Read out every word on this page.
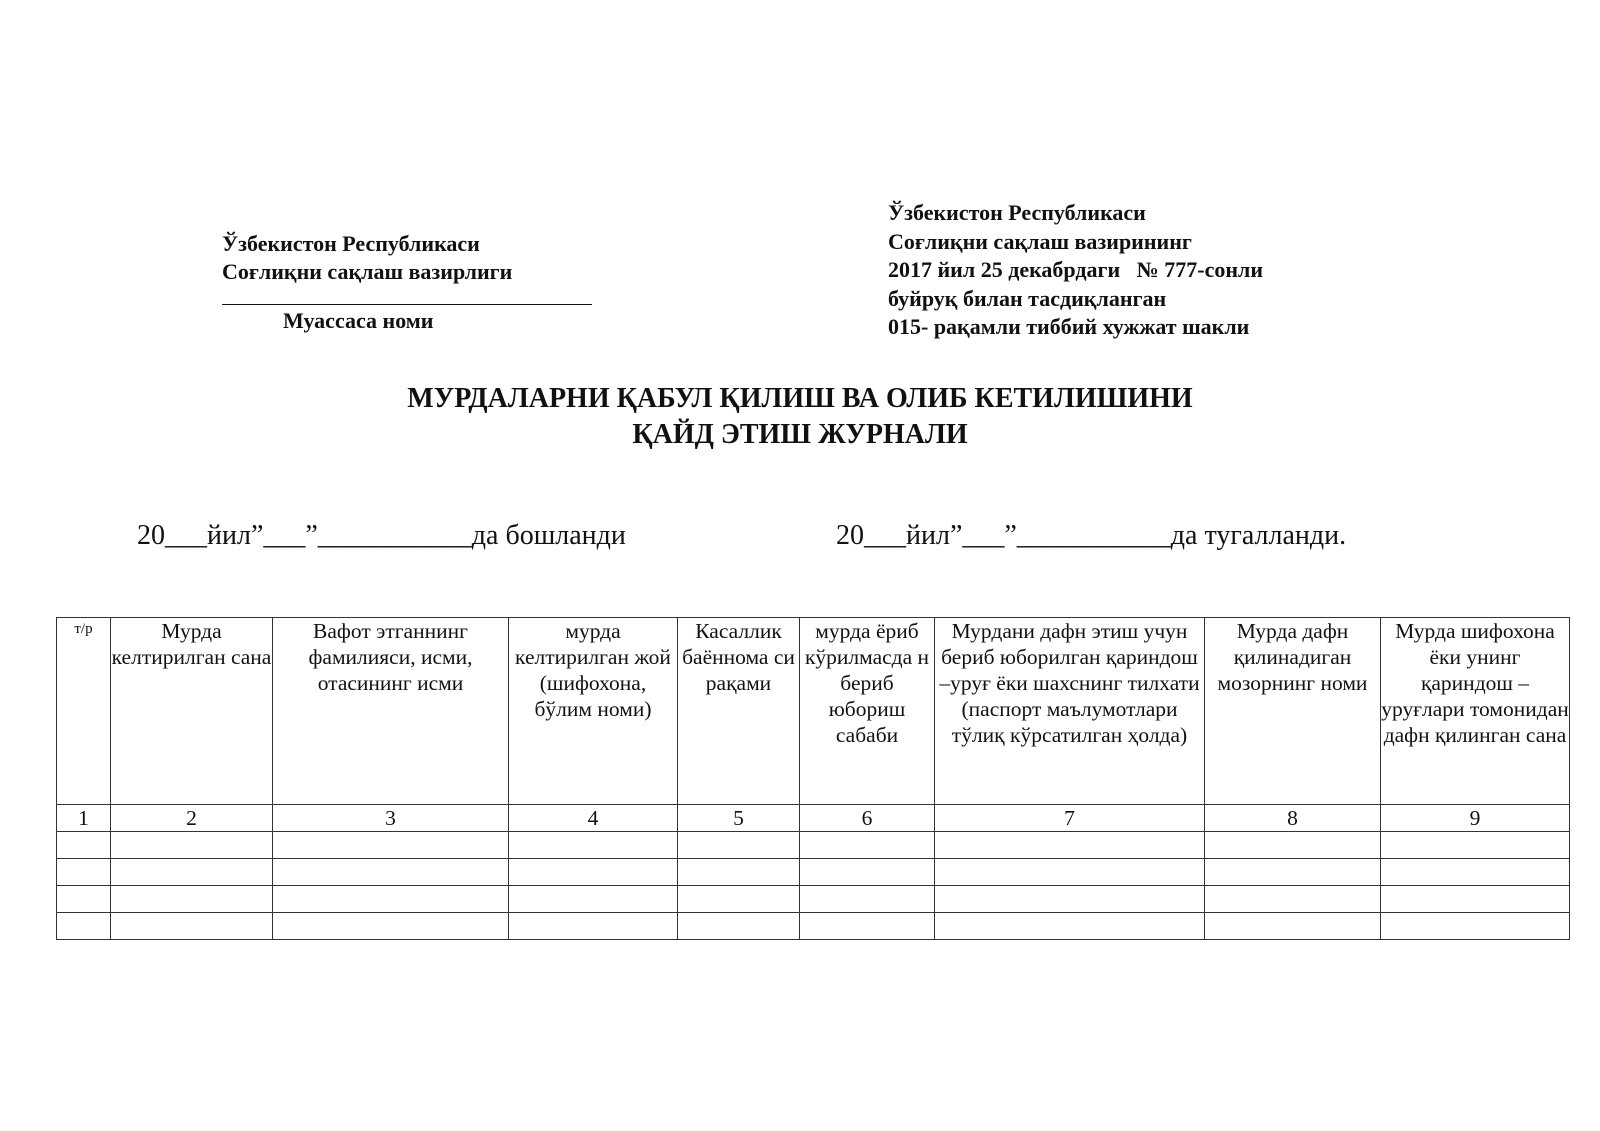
Ўзбекистон Республикаси
Соғлиқни сақлаш вазирлиги
Муассаса номи
Ўзбекистон Республикаси
Соғлиқни сақлаш вазирининг
2017 йил 25 декабрдаги   № 777-сонли
буйруқ билан тасдиқланган
015- рақамли тиббий хужжат шакли
МУРДАЛАРНИ ҚАБУЛ ҚИЛИШ ВА ОЛИБ КЕТИЛИШИНИ
ҚАЙД ЭТИШ ЖУРНАЛИ
20___йил”___”___________да бошланди	20___йил”___”___________да тугалланди.
т/р	Мурда келтирилган сана	Вафот этганнинг фамилияси, исми, отасининг исми	мурда келтирилган жой (шифохона, бўлим номи)	Касаллик баённома си рақами	мурда ёриб кўрилмасда н бериб юбориш сабаби	Мурдани дафн этиш учун бериб юборилган қариндош –уруғ ёки шахснинг тилхати (паспорт маълумотлари тўлиқ кўрсатилган ҳолда)	Мурда дафн қилинадиган мозорнинг номи	Мурда шифохона ёки унинг қариндош –уруғлари томонидан дафн қилинган сана
1	2	3	4	5	6	7	8	9
